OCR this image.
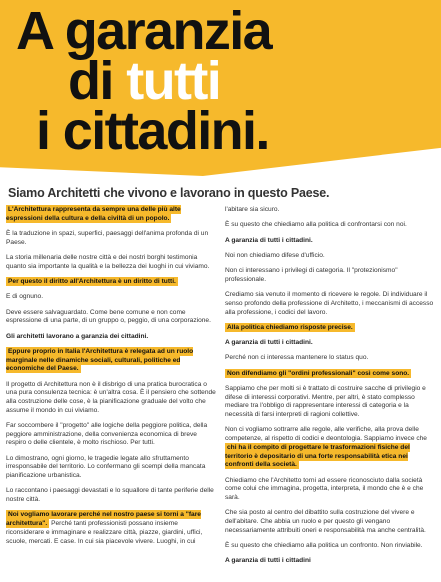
A garanzia
di tutti
i cittadini.
Siamo Architetti che vivono e lavorano in questo Paese.

L'Architettura rappresenta da sempre una delle più alte espressioni della cultura e della civiltà di un popolo.

È la traduzione in spazi, superfici, paesaggi dell'anima profonda di un Paese.

La storia millenaria delle nostre città e dei nostri borghi testimonia quanto sia importante la qualità e la bellezza dei luoghi in cui viviamo.

Per questo il diritto all'Architettura è un diritto di tutti.

E di ognuno.

Deve essere salvaguardato. Come bene comune e non come espressione di una parte, di un gruppo o, peggio, di una corporazione.

Gli architetti lavorano a garanzia dei cittadini.

Eppure proprio in Italia l'Architettura è relegata ad un ruolo marginale nelle dinamiche sociali, culturali, politiche ed economiche del Paese.

Il progetto di Architettura non è il disbrigo di una pratica burocratica o una pura consulenza tecnica: è un'altra cosa. È il pensiero che sottende alla costruzione delle cose, è la pianificazione graduale del volto che assume il mondo in cui viviamo.

Far soccombere il "progetto" alle logiche della peggiore politica, della peggiore amministrazione, della convenienza economica di breve respiro o delle clientele, è molto rischioso. Per tutti.

Lo dimostrano, ogni giorno, le tragedie legate allo sfruttamento irresponsabile del territorio. Lo confermano gli scempi della mancata pianificazione urbanistica.

Lo raccontano i paesaggi devastati e lo squallore di tante periferie delle nostre città.

Noi vogliamo lavorare perché nel nostro paese si torni a "fare architettura". Perché tanti professionisti possano insieme riconsiderare e immaginare e realizzare città, piazze, giardini, uffici, scuole, mercati. E case. In cui sia piacevole vivere. Luoghi, in cui

l'abitare sia sicuro.

È su questo che chiediamo alla politica di confrontarsi con noi.

A garanzia di tutti i cittadini.

Noi non chiediamo difese d'ufficio.

Non ci interessano i privilegi di categoria. Il "protezionismo" professionale.

Crediamo sia venuto il momento di ricevere le regole. Di individuare il senso profondo della professione di Architetto, i meccanismi di accesso alla professione, i codici del lavoro.

Alla politica chiediamo risposte precise.

A garanzia di tutti i cittadini.

Perché non ci interessa mantenere lo status quo.

Non difendiamo gli "ordini professionali" così come sono.

Sappiamo che per molti si è trattato di costruire sacche di privilegio e difese di interessi corporativi. Mentre, per altri, è stato complesso mediare tra l'obbligo di rappresentare interessi di categoria e la necessità di farsi interpreti di ragioni collettive.

Non ci vogliamo sottrarre alle regole, alle verifiche, alla prova delle competenze, al rispetto di codici e deontologia. Sappiamo invece che chi ha il compito di progettare le trasformazioni fisiche del territorio è depositario di una forte responsabilità etica nei confronti della società.

Chiediamo che l'Architetto torni ad essere riconosciuto dalla società come colui che immagina, progetta, interpreta, il mondo che è e che sarà.

Che sia posto al centro del dibattito sulla costruzione del vivere e dell'abitare. Che abbia un ruolo e per questo gli vengano necessariamente attribuiti oneri e responsabilità ma anche centralità.

È su questo che chiediamo alla politica un confronto. Non rinviabile.

A garanzia di tutti i cittadini
